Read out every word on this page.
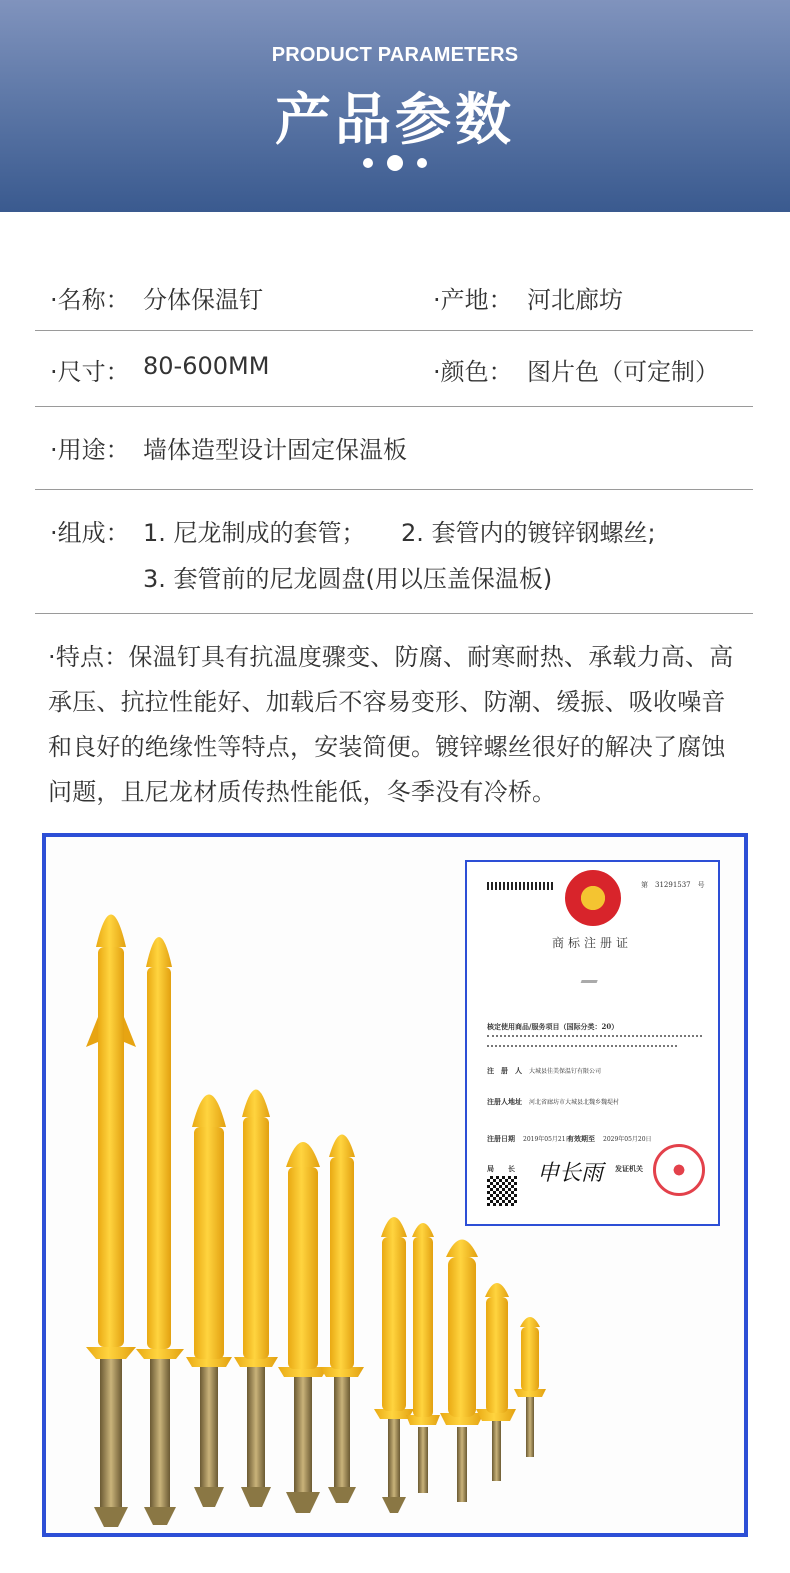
PRODUCT PARAMETERS
产品参数
·名称： 分体保温钉	·产地： 河北廊坊
·尺寸： 80-600MM	·颜色： 图片色（可定制）
·用途： 墙体造型设计固定保温板
·组成： 1. 尼龙制成的套管； 2. 套管内的镀锌钢螺丝;
3. 套管前的尼龙圆盘(用以压盖保温板)
·特点：保温钉具有抗温度骤变、防腐、耐寒耐热、承载力高、高承压、抗拉性能好、加载后不容易变形、防潮、缓振、吸收噪音和良好的绝缘性等特点，安装简便。镀锌螺丝很好的解决了腐蚀问题，且尼龙材质传热性能低，冬季没有冷桥。
第　31291537　号
商标注册证
核定使用商品/服务项目（国际分类：20）
注　册　人 大城县佳美保温钉有限公司
注册人地址 河北省廊坊市大城县北魏乡魏堤村
注册日期 2019年05月21日
有效期至 2029年05月20日
局　　长 申长雨 发证机关
